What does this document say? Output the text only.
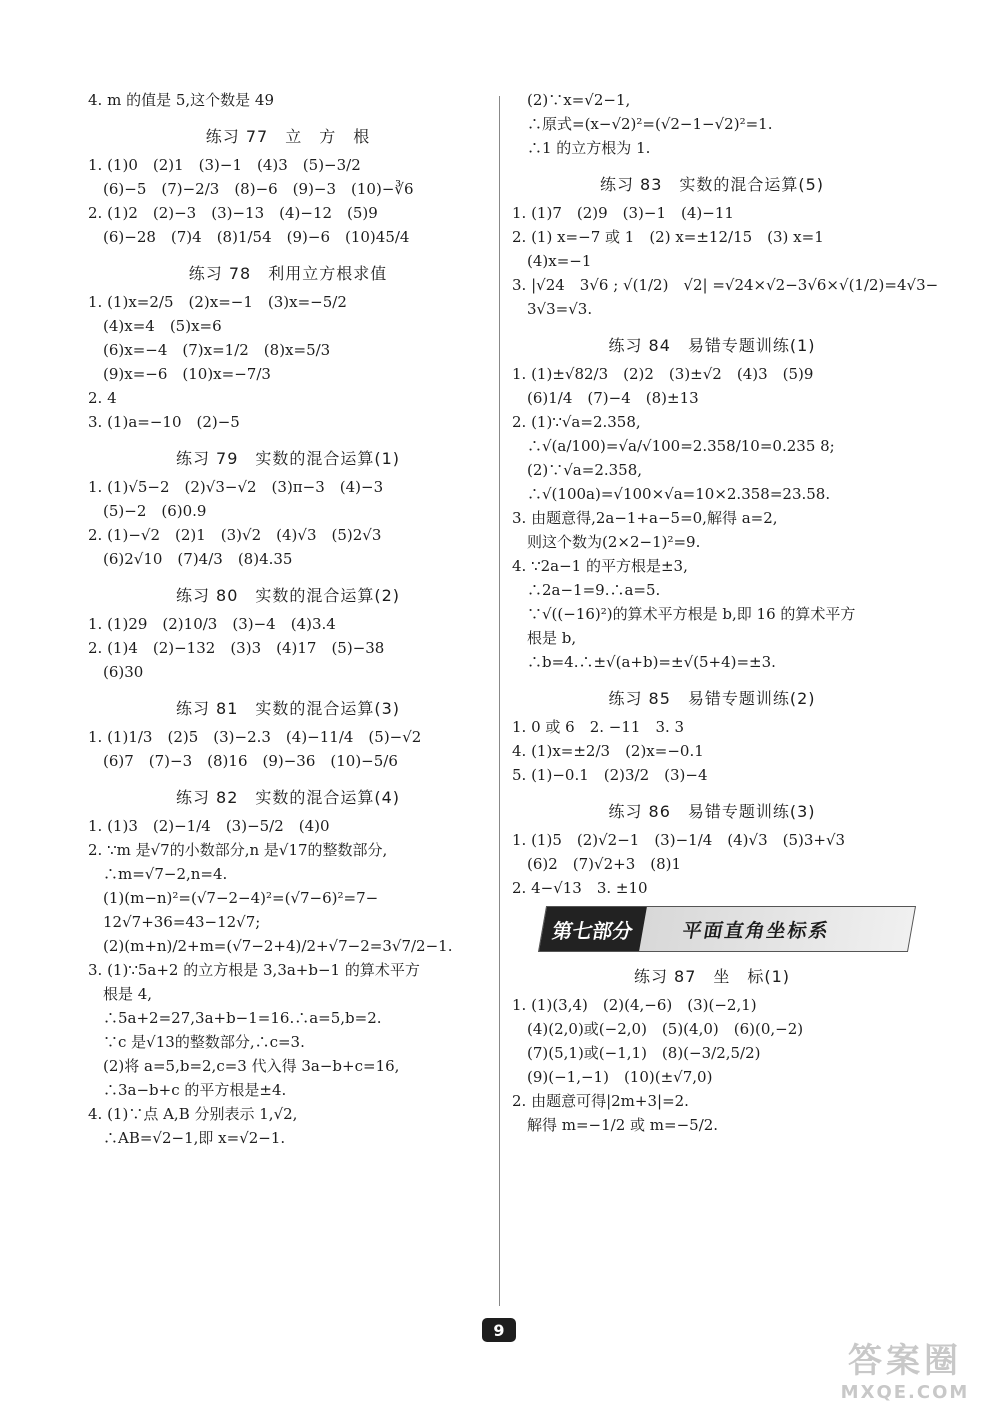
4. m 的值是 5,这个数是 49
练习 77　立　方　根
1. (1)0　(2)1　(3)−1　(4)3　(5)−3/2
　(6)−5　(7)−2/3　(8)−6　(9)−3　(10)−∛6
2. (1)2　(2)−3　(3)−13　(4)−12　(5)9
　(6)−28　(7)4　(8)1/54　(9)−6　(10)45/4
练习 78　利用立方根求值
1. (1)x=2/5　(2)x=−1　(3)x=−5/2
　(4)x=4　(5)x=6
　(6)x=−4　(7)x=1/2　(8)x=5/3
　(9)x=−6　(10)x=−7/3
2. 4
3. (1)a=−10　(2)−5
练习 79　实数的混合运算(1)
1. (1)√5−2　(2)√3−√2　(3)π−3　(4)−3
　(5)−2　(6)0.9
2. (1)−√2　(2)1　(3)√2　(4)√3　(5)2√3
　(6)2√10　(7)4/3　(8)4.35
练习 80　实数的混合运算(2)
1. (1)29　(2)10/3　(3)−4　(4)3.4
2. (1)4　(2)−132　(3)3　(4)17　(5)−38
　(6)30
练习 81　实数的混合运算(3)
1. (1)1/3　(2)5　(3)−2.3　(4)−11/4　(5)−√2
　(6)7　(7)−3　(8)16　(9)−36　(10)−5/6
练习 82　实数的混合运算(4)
1. (1)3　(2)−1/4　(3)−5/2　(4)0
2. ∵m 是√7的小数部分,n 是√17的整数部分,
　∴m=√7−2,n=4.
　(1)(m−n)²=(√7−2−4)²=(√7−6)²=7−
　12√7+36=43−12√7;
　(2)(m+n)/2+m=(√7−2+4)/2+√7−2=3√7/2−1.
3. (1)∵5a+2 的立方根是 3,3a+b−1 的算术平方
　根是 4,
　∴5a+2=27,3a+b−1=16.∴a=5,b=2.
　∵c 是√13的整数部分,∴c=3.
　(2)将 a=5,b=2,c=3 代入得 3a−b+c=16,
　∴3a−b+c 的平方根是±4.
4. (1)∵点 A,B 分别表示 1,√2,
　∴AB=√2−1,即 x=√2−1.
　(2)∵x=√2−1,
　∴原式=(x−√2)²=(√2−1−√2)²=1.
　∴1 的立方根为 1.
练习 83　实数的混合运算(5)
1. (1)7　(2)9　(3)−1　(4)−11
2. (1) x=−7 或 1　(2) x=±12/15　(3) x=1
　(4)x=−1
3. |√24　3√6 ; √(1/2)　√2| =√24×√2−3√6×√(1/2)=4√3−
　3√3=√3.
练习 84　易错专题训练(1)
1. (1)±√82/3　(2)2　(3)±√2　(4)3　(5)9
　(6)1/4　(7)−4　(8)±13
2. (1)∵√a=2.358,
　∴√(a/100)=√a/√100=2.358/10=0.235 8;
　(2)∵√a=2.358,
　∴√(100a)=√100×√a=10×2.358=23.58.
3. 由题意得,2a−1+a−5=0,解得 a=2,
　则这个数为(2×2−1)²=9.
4. ∵2a−1 的平方根是±3,
　∴2a−1=9.∴a=5.
　∵√((−16)²)的算术平方根是 b,即 16 的算术平方
　根是 b,
　∴b=4.∴±√(a+b)=±√(5+4)=±3.
练习 85　易错专题训练(2)
1. 0 或 6　2. −11　3. 3
4. (1)x=±2/3　(2)x=−0.1
5. (1)−0.1　(2)3/2　(3)−4
练习 86　易错专题训练(3)
1. (1)5　(2)√2−1　(3)−1/4　(4)√3　(5)3+√3
　(6)2　(7)√2+3　(8)1
2. 4−√13　3. ±10
第七部分	平面直角坐标系
练习 87　坐　标(1)
1. (1)(3,4)　(2)(4,−6)　(3)(−2,1)
　(4)(2,0)或(−2,0)　(5)(4,0)　(6)(0,−2)
　(7)(5,1)或(−1,1)　(8)(−3/2,5/2)
　(9)(−1,−1)　(10)(±√7,0)
2. 由题意可得|2m+3|=2.
　解得 m=−1/2 或 m=−5/2.
9
答案圈
MXQE.COM
